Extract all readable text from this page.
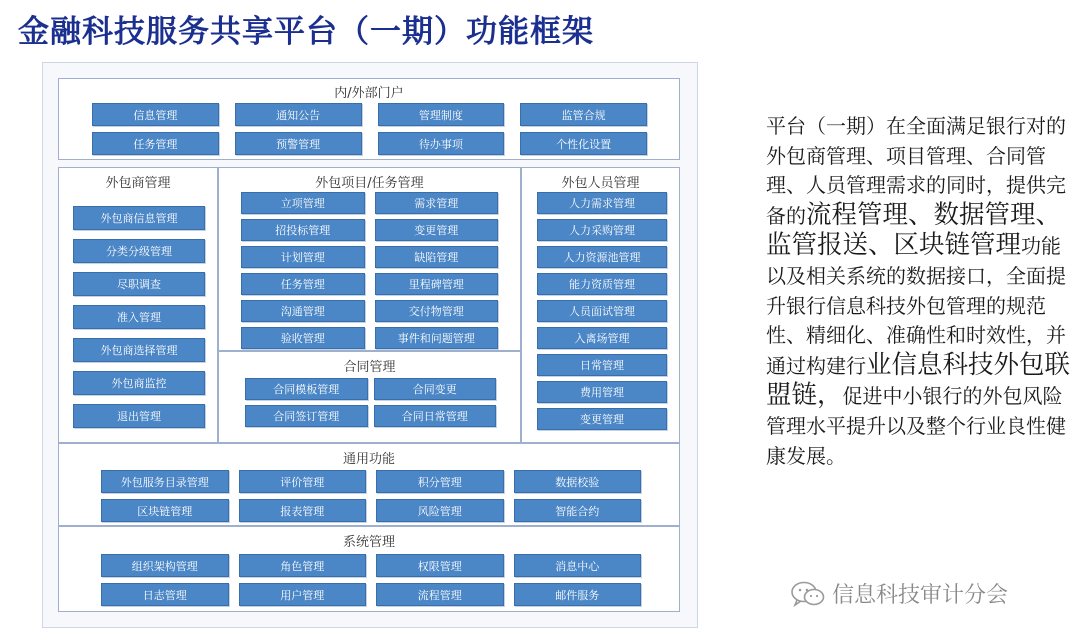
金融科技服务共享平台（一期）功能框架
内/外部门户
信息管理	通知公告	管理制度	监管合规
任务管理	预警管理	待办事项	个性化设置
外包商管理
外包商信息管理
分类分级管理
尽职调查
准入管理
外包商选择管理
外包商监控
退出管理
外包项目/任务管理
立项管理	需求管理
招投标管理	变更管理
计划管理	缺陷管理
任务管理	里程碑管理
沟通管理	交付物管理
验收管理	事件和问题管理
合同管理
合同模板管理	合同变更
合同签订管理	合同日常管理
外包人员管理
人力需求管理
人力采购管理
人力资源池管理
能力资质管理
人员面试管理
入离场管理
日常管理
费用管理
变更管理
通用功能
外包服务目录管理	评价管理	积分管理	数据校验
区块链管理	报表管理	风险管理	智能合约
系统管理
组织架构管理	角色管理	权限管理	消息中心
日志管理	用户管理	流程管理	邮件服务
平台（一期）在全面满足银行对的外包商管理、项目管理、合同管理、人员管理需求的同时，提供完备的流程管理、数据管理、监管报送、区块链管理功能以及相关系统的数据接口，全面提升银行信息科技外包管理的规范性、精细化、准确性和时效性，并通过构建行业信息科技外包联盟链，促进中小银行的外包风险管理水平提升以及整个行业良性健康发展。
信息科技审计分会
